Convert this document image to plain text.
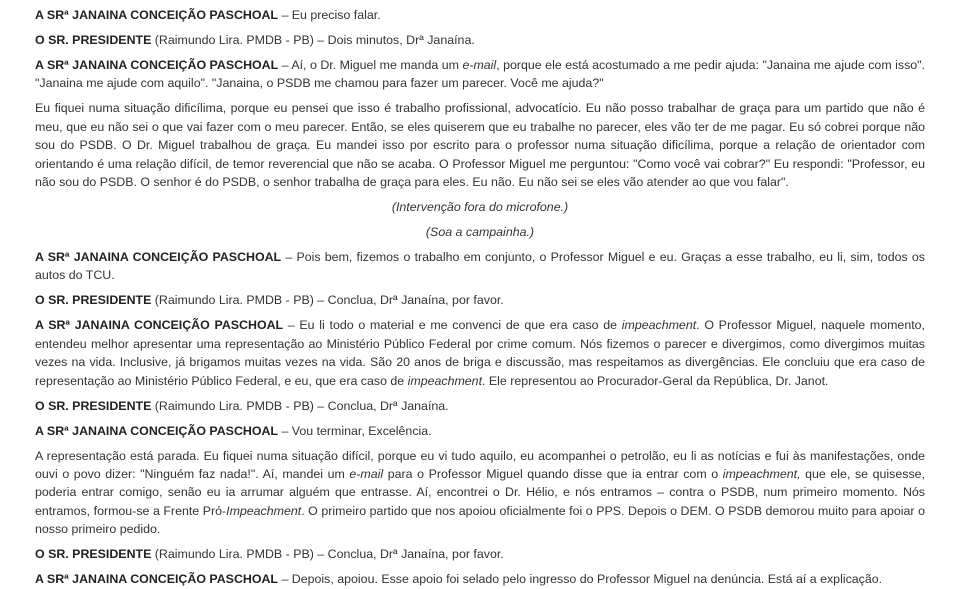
A SRª JANAINA CONCEIÇÃO PASCHOAL – Eu preciso falar.

O SR. PRESIDENTE (Raimundo Lira. PMDB - PB) – Dois minutos, Drª Janaína.

A SRª JANAINA CONCEIÇÃO PASCHOAL – Aí, o Dr. Miguel me manda um e-mail, porque ele está acostumado a me pedir ajuda: "Janaina me ajude com isso". "Janaina me ajude com aquilo". "Janaina, o PSDB me chamou para fazer um parecer. Você me ajuda?"

Eu fiquei numa situação dificílima, porque eu pensei que isso é trabalho profissional, advocatício. Eu não posso trabalhar de graça para um partido que não é meu, que eu não sei o que vai fazer com o meu parecer. Então, se eles quiserem que eu trabalhe no parecer, eles vão ter de me pagar. Eu só cobrei porque não sou do PSDB. O Dr. Miguel trabalhou de graça. Eu mandei isso por escrito para o professor numa situação dificílima, porque a relação de orientador com orientando é uma relação difícil, de temor reverencial que não se acaba. O Professor Miguel me perguntou: "Como você vai cobrar?" Eu respondi: "Professor, eu não sou do PSDB. O senhor é do PSDB, o senhor trabalha de graça para eles. Eu não. Eu não sei se eles vão atender ao que vou falar".

(Intervenção fora do microfone.)

(Soa a campainha.)

A SRª JANAINA CONCEIÇÃO PASCHOAL – Pois bem, fizemos o trabalho em conjunto, o Professor Miguel e eu. Graças a esse trabalho, eu li, sim, todos os autos do TCU.

O SR. PRESIDENTE (Raimundo Lira. PMDB - PB) – Conclua, Drª Janaína, por favor.

A SRª JANAINA CONCEIÇÃO PASCHOAL – Eu li todo o material e me convenci de que era caso de impeachment. O Professor Miguel, naquele momento, entendeu melhor apresentar uma representação ao Ministério Público Federal por crime comum. Nós fizemos o parecer e divergimos, como divergimos muitas vezes na vida. Inclusive, já brigamos muitas vezes na vida. São 20 anos de briga e discussão, mas respeitamos as divergências. Ele concluiu que era caso de representação ao Ministério Público Federal, e eu, que era caso de impeachment. Ele representou ao Procurador-Geral da República, Dr. Janot.

O SR. PRESIDENTE (Raimundo Lira. PMDB - PB) – Conclua, Drª Janaína.

A SRª JANAINA CONCEIÇÃO PASCHOAL – Vou terminar, Excelência.

A representação está parada. Eu fiquei numa situação difícil, porque eu vi tudo aquilo, eu acompanhei o petrolão, eu li as notícias e fui às manifestações, onde ouvi o povo dizer: "Ninguém faz nada!". Aí, mandei um e-mail para o Professor Miguel quando disse que ia entrar com o impeachment, que ele, se quisesse, poderia entrar comigo, senão eu ia arrumar alguém que entrasse. Aí, encontrei o Dr. Hélio, e nós entramos – contra o PSDB, num primeiro momento. Nós entramos, formou-se a Frente Pró-Impeachment. O primeiro partido que nos apoiou oficialmente foi o PPS. Depois o DEM. O PSDB demorou muito para apoiar o nosso primeiro pedido.

O SR. PRESIDENTE (Raimundo Lira. PMDB - PB) – Conclua, Drª Janaína, por favor.

A SRª JANAINA CONCEIÇÃO PASCHOAL – Depois, apoiou. Esse apoio foi selado pelo ingresso do Professor Miguel na denúncia. Está aí a explicação.
